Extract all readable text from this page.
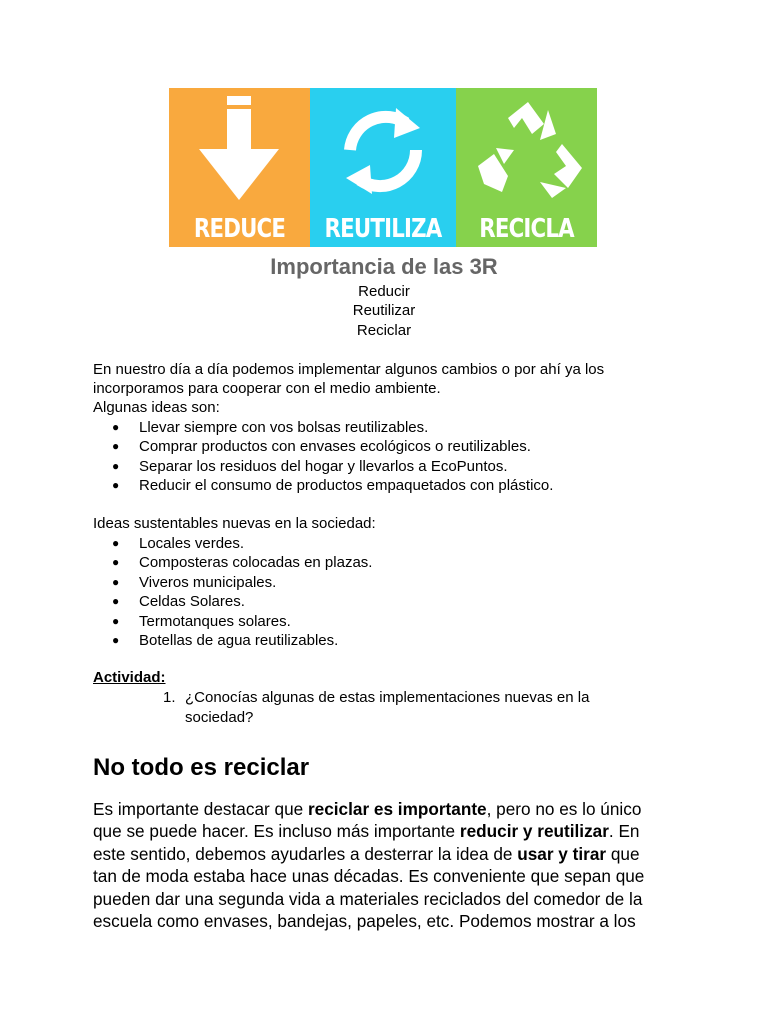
REDUCE	REUTILIZA	RECICLA
Importancia de las 3R
Reducir
Reutilizar
Reciclar
En nuestro día a día podemos implementar algunos cambios o por ahí ya los
incorporamos para cooperar con el medio ambiente.
Algunas ideas son:
● Llevar siempre con vos bolsas reutilizables.
● Comprar productos con envases ecológicos o reutilizables.
● Separar los residuos del hogar y llevarlos a EcoPuntos.
● Reducir el consumo de productos empaquetados con plástico.
Ideas sustentables nuevas en la sociedad:
● Locales verdes.
● Composteras colocadas en plazas.
● Viveros municipales.
● Celdas Solares.
● Termotanques solares.
● Botellas de agua reutilizables.
Actividad:
1. ¿Conocías algunas de estas implementaciones nuevas en la
sociedad?
No todo es reciclar
Es importante destacar que reciclar es importante, pero no es lo único
que se puede hacer. Es incluso más importante reducir y reutilizar. En
este sentido, debemos ayudarles a desterrar la idea de usar y tirar que
tan de moda estaba hace unas décadas. Es conveniente que sepan que
pueden dar una segunda vida a materiales reciclados del comedor de la
escuela como envases, bandejas, papeles, etc. Podemos mostrar a los
